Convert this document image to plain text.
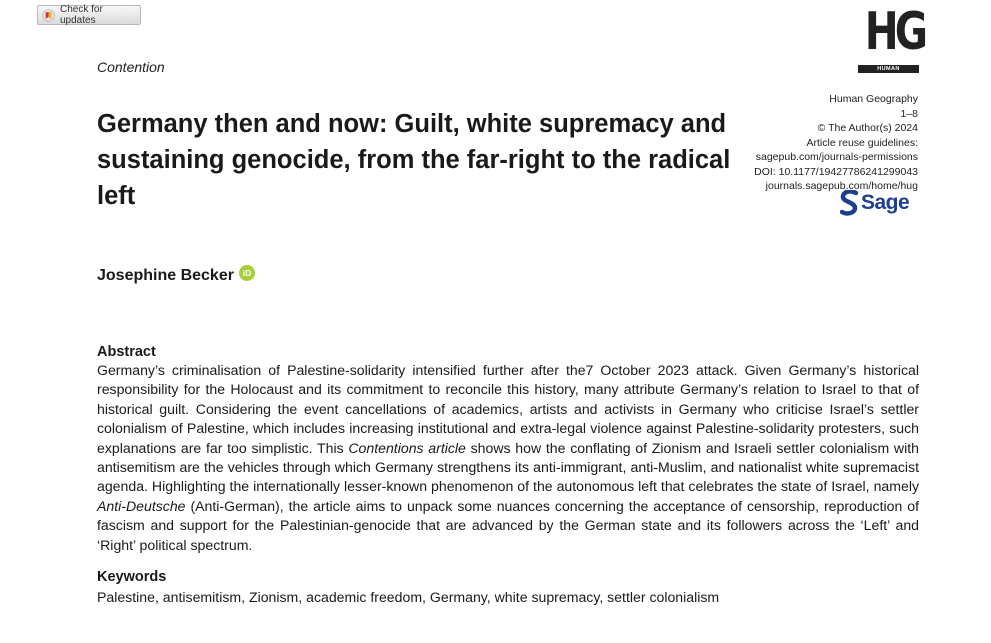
Check for updates
Contention
HG
HUMAN GEOGRAPHY
Human Geography
1–8
© The Author(s) 2024
Article reuse guidelines:
sagepub.com/journals-permissions
DOI: 10.1177/19427786241299043
journals.sagepub.com/home/hug
Sage
Germany then and now: Guilt, white supremacy and sustaining genocide, from the far-right to the radical left
Josephine Becker	iD
Abstract

Germany’s criminalisation of Palestine-solidarity intensified further after the7 October 2023 attack. Given Germany’s historical responsibility for the Holocaust and its commitment to reconcile this history, many attribute Germany’s relation to Israel to that of historical guilt. Considering the event cancellations of academics, artists and activists in Germany who criticise Israel’s settler colonialism of Palestine, which includes increasing institutional and extra-legal violence against Palestine-solidarity protesters, such explanations are far too simplistic. This Contentions article shows how the conflating of Zionism and Israeli settler colonialism with antisemitism are the vehicles through which Germany strengthens its anti-immigrant, anti-Muslim, and nationalist white supremacist agenda. Highlighting the internationally lesser-known phenomenon of the autonomous left that celebrates the state of Israel, namely Anti-Deutsche (Anti-German), the article aims to unpack some nuances concerning the acceptance of censorship, reproduction of fascism and support for the Palestinian-genocide that are advanced by the German state and its followers across the ‘Left’ and ‘Right’ political spectrum.

Keywords
Palestine, antisemitism, Zionism, academic freedom, Germany, white supremacy, settler colonialism
